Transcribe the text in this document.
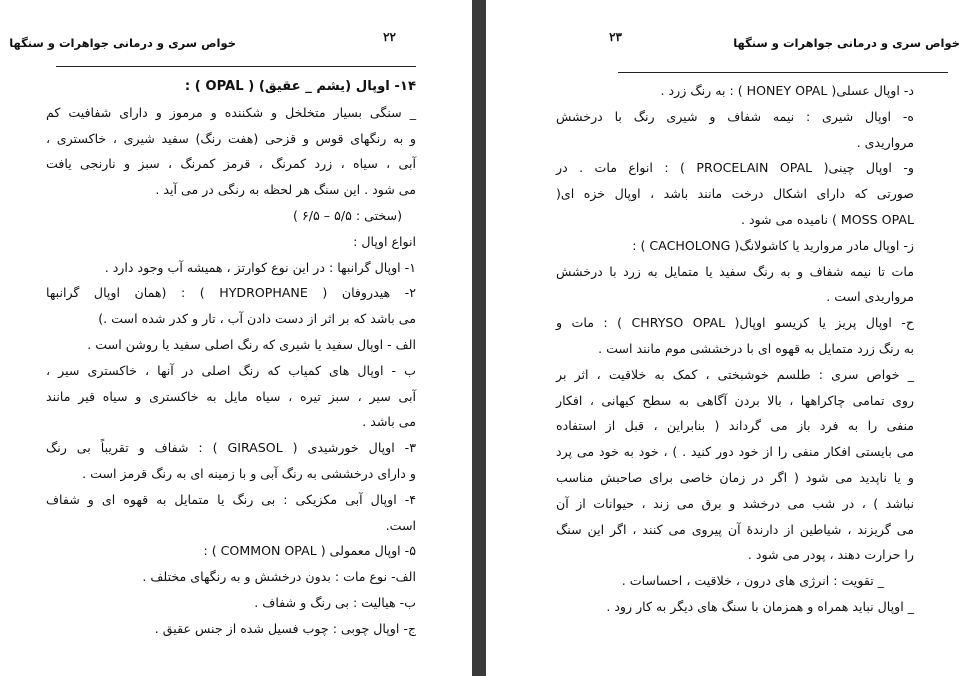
خواص سری و درمانی جواهرات و سنگها	۲۲
۱۴- اوپال (یشم _ عقیق) ( OPAL ) :
_ سنگی بسیار متخلخل و شکننده و مرموز و دارای شفافیت کم
و به رنگهای قوس و قزحی (هفت رنگ) سفید شیری ، خاکستری ،
آبی ، سیاه ، زرد کمرنگ ، قرمز کمرنگ ، سبز و نارنجی یافت
می شود . این سنگ هر لحظه به رنگی در می آید .
(سختی : ۵/۵ – ۶/۵ )
انواع اوپال :
۱- اوپال گرانبها : در این نوع کوارتز ، همیشه آب وجود دارد .
۲- هیدروفان ( HYDROPHANE ) : (همان اوپال گرانبها
می باشد که بر اثر از دست دادن آب ، تار و کدر شده است .)
الف - اوپال سفید یا شیری که رنگ اصلی سفید یا روشن است .
ب - اوپال های کمیاب که رنگ اصلی در آنها ، خاکستری سیر ،
آبی سیر ، سبز تیره ، سیاه مایل به خاکستری و سیاه قیر مانند
می باشد .
۳- اوپال خورشیدی ( GIRASOL ) : شفاف و تقریباً بی رنگ
و دارای درخششی به رنگ آبی و با زمینه ای به رنگ قرمز است .
۴- اوپال آبی مکزیکی : بی رنگ یا متمایل به قهوه ای و شفاف
است.
۵- اوپال معمولی ( COMMON OPAL ) :
الف- نوع مات : بدون درخشش و به رنگهای مختلف .
ب- هیالیت : بی رنگ و شفاف .
ج- اوپال چوبی : چوب فسیل شده از جنس عقیق .
خواص سری و درمانی جواهرات و سنگها
۲۳
د- اوپال عسلی( HONEY OPAL ) : به رنگ زرد .
ه- اوپال شیری : نیمه شفاف و شیری رنگ با درخشش
مرواریدی .
و- اوپال چینی( PROCELAIN OPAL ) : انواع مات . در
صورتی که دارای اشکال درخت مانند باشد ، اوپال خزه ای(
MOSS OPAL ) نامیده می شود .
ز- اوپال مادر مروارید یا کاشولانگ( CACHOLONG ) :
مات تا نیمه شفاف و به رنگ سفید یا متمایل به زرد با درخشش
مرواریدی است .
ح- اوپال پریز یا کریسو اوپال( CHRYSO OPAL ) : مات و
به رنگ زرد متمایل به قهوه ای با درخششی موم مانند است .
_ خواص سری : طلسم خوشبختی ، کمک به خلاقیت ، اثر بر
روی تمامی چاکراهها ، بالا بردن آگاهی به سطح کیهانی ، افکار
منفی را به فرد باز می گرداند ( بنابراین ، قبل از استفاده
می بایستی افکار منفی را از خود دور کنید . ) ، خود به خود می پرد
و یا ناپدید می شود ( اگر در زمان خاصی برای صاحبش مناسب
نباشد ) ، در شب می درخشد و برق می زند ، حیوانات از آن
می گریزند ، شیاطین از دارندهٔ آن پیروی می کنند ، اگر این سنگ
را حرارت دهند ، پودر می شود .
_ تقویت : انرژی های درون ، خلاقیت ، احساسات .
_ اوپال نباید همراه و همزمان با سنگ های دیگر به کار رود .
